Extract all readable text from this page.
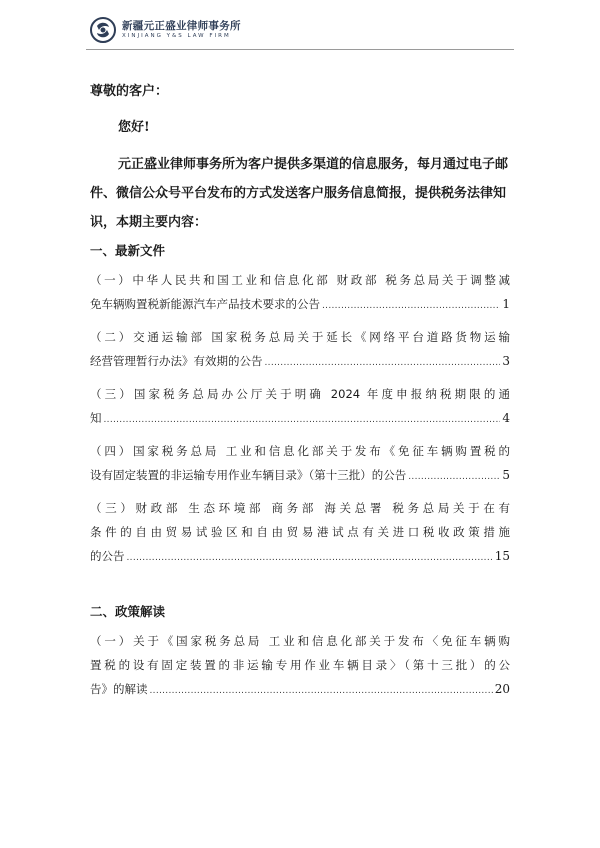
新疆元正盛业律师事务所
XINJIANG Y&S LAW FIRM

尊敬的客户：

您好!

元正盛业律师事务所为客户提供多渠道的信息服务，每月通过电子邮件、微信公众号平台发布的方式发送客户服务信息简报，提供税务法律知识，本期主要内容：

一、最新文件

（一）中华人民共和国工业和信息化部 财政部 税务总局关于调整减
免车辆购置税新能源汽车产品技术要求的公告 .....	1
（二）交通运输部 国家税务总局关于延长《网络平台道路货物运输
经营管理暂行办法》有效期的公告 .....	3
（三）国家税务总局办公厅关于明确 2024 年度申报纳税期限的通
知 .....	4
（四）国家税务总局 工业和信息化部关于发布《免征车辆购置税的
设有固定装置的非运输专用作业车辆目录》（第十三批）的公告 .....	5
（三）财政部 生态环境部 商务部 海关总署 税务总局关于在有
条件的自由贸易试验区和自由贸易港试点有关进口税收政策措施
的公告 .....	15

二、政策解读

（一）关于《国家税务总局 工业和信息化部关于发布〈免征车辆购
置税的设有固定装置的非运输专用作业车辆目录〉（第十三批）的公
告》的解读 .....	20
